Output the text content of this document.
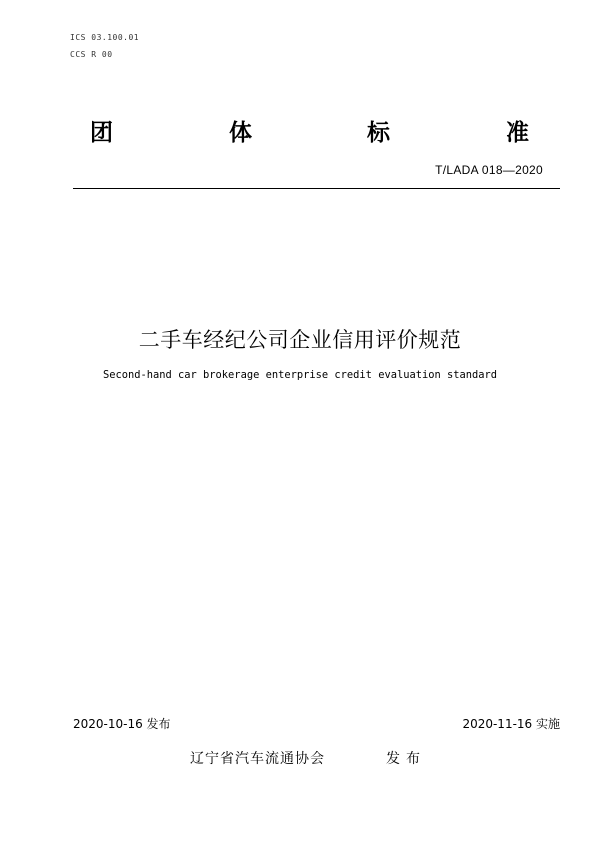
ICS 03.100.01
CCS R 00
团	体	标	准
T/LADA 018—2020
二手车经纪公司企业信用评价规范
Second-hand car brokerage enterprise credit evaluation standard
2020-10-16 发布	2020-11-16 实施
辽宁省汽车流通协会	发布
